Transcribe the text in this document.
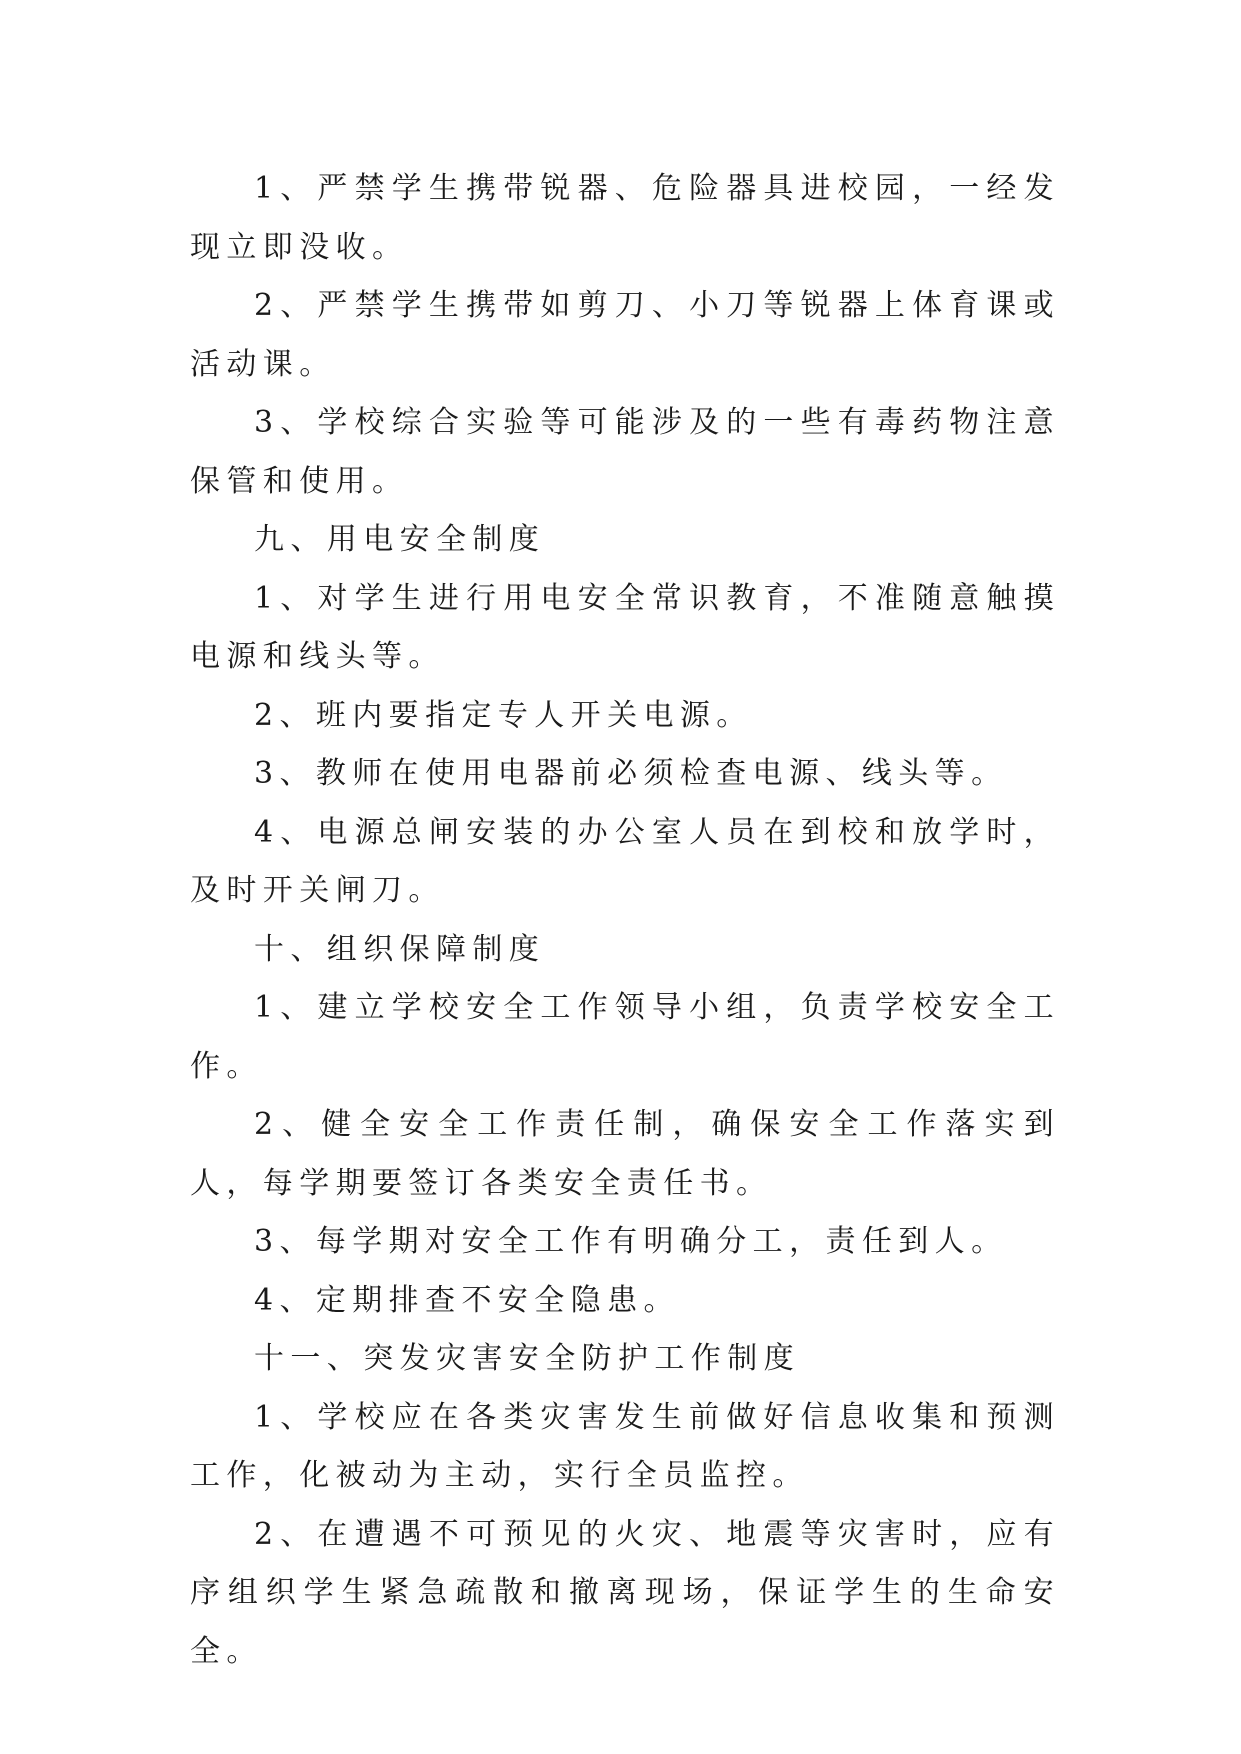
1、严禁学生携带锐器、危险器具进校园，一经发现立即没收。

2、严禁学生携带如剪刀、小刀等锐器上体育课或活动课。

3、学校综合实验等可能涉及的一些有毒药物注意保管和使用。

九、用电安全制度

1、对学生进行用电安全常识教育，不准随意触摸电源和线头等。

2、班内要指定专人开关电源。

3、教师在使用电器前必须检查电源、线头等。

4、电源总闸安装的办公室人员在到校和放学时，及时开关闸刀。

十、组织保障制度

1、建立学校安全工作领导小组，负责学校安全工作。

2、健全安全工作责任制，确保安全工作落实到人，每学期要签订各类安全责任书。

3、每学期对安全工作有明确分工，责任到人。

4、定期排查不安全隐患。

十一、突发灾害安全防护工作制度

1、学校应在各类灾害发生前做好信息收集和预测工作，化被动为主动，实行全员监控。

2、在遭遇不可预见的火灾、地震等灾害时，应有序组织学生紧急疏散和撤离现场，保证学生的生命安全。
